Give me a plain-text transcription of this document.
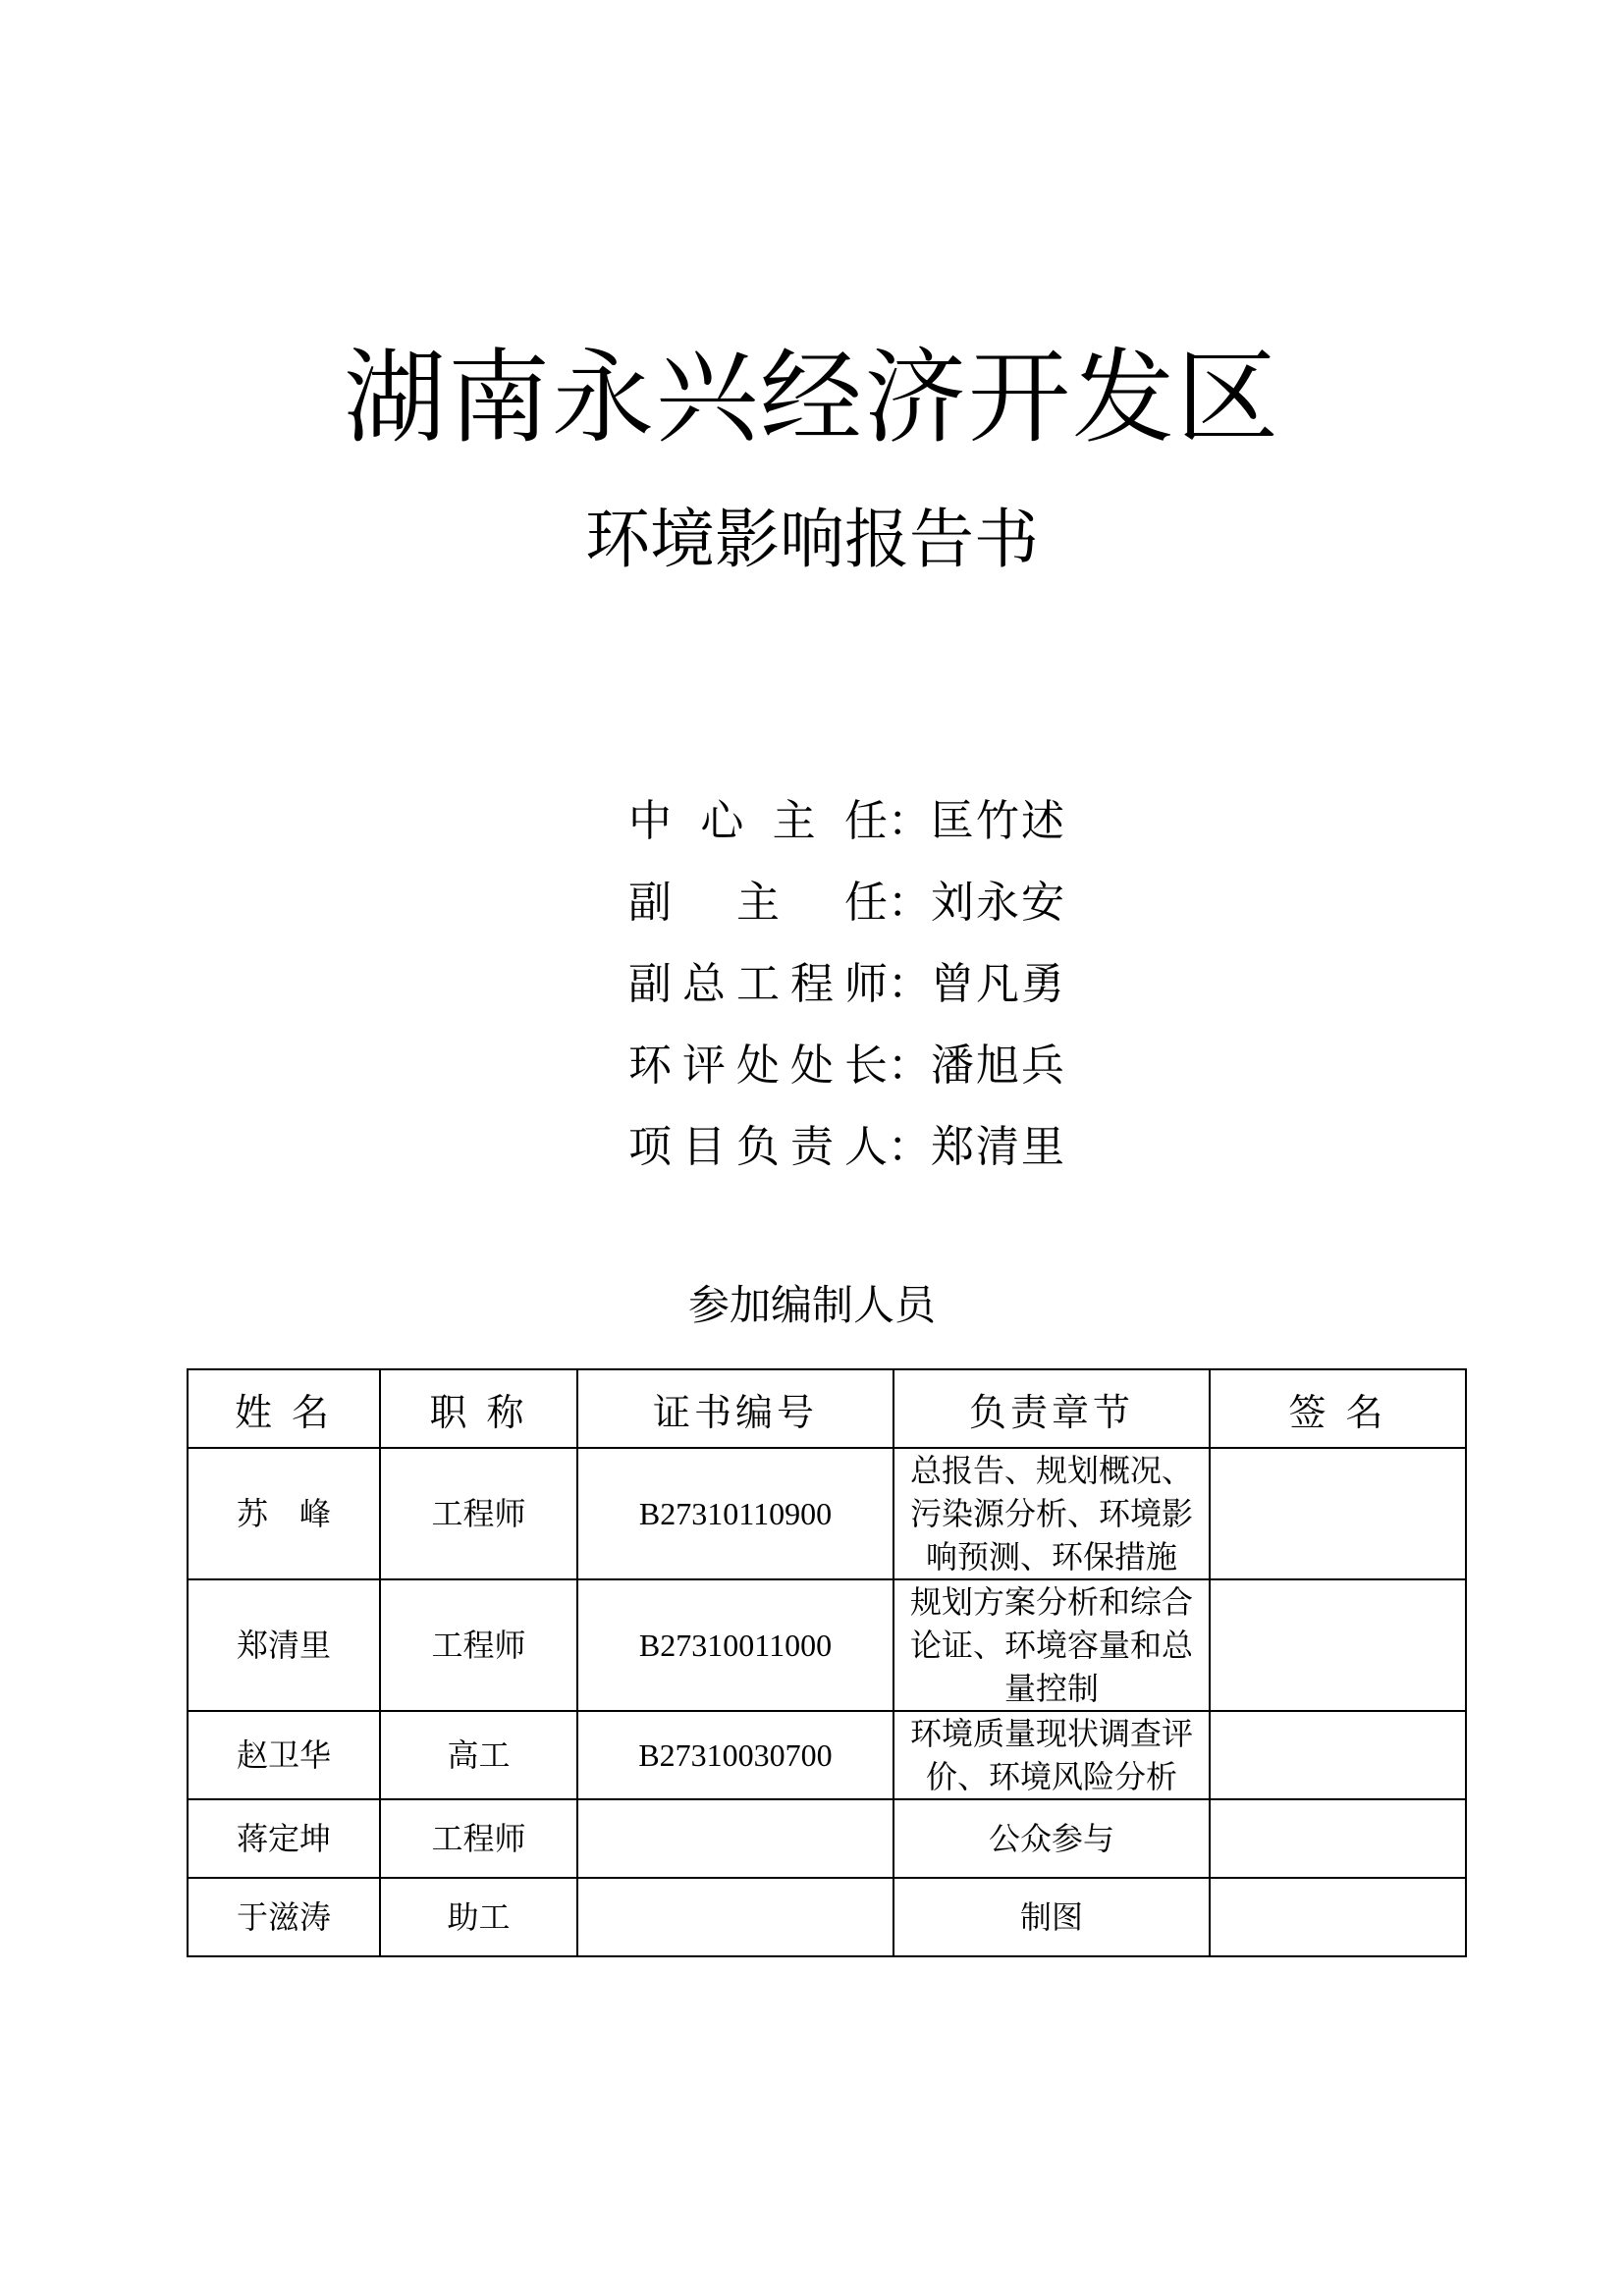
湖南永兴经济开发区
环境影响报告书
中 心 主 任 ： 匡竹述
副 主 任 ： 刘永安
副 总 工 程 师 ： 曾凡勇
环 评 处 处 长 ： 潘旭兵
项 目 负 责 人 ： 郑清里
参加编制人员
姓 名	职 称	证书编号	负责章节	签 名
苏　峰	工程师	B27310110900	总报告、规划概况、污染源分析、环境影响预测、环保措施	
郑清里	工程师	B27310011000	规划方案分析和综合论证、环境容量和总量控制	
赵卫华	高工	B27310030700	环境质量现状调查评价、环境风险分析	
蒋定坤	工程师		公众参与	
于滋涛	助工		制图	
